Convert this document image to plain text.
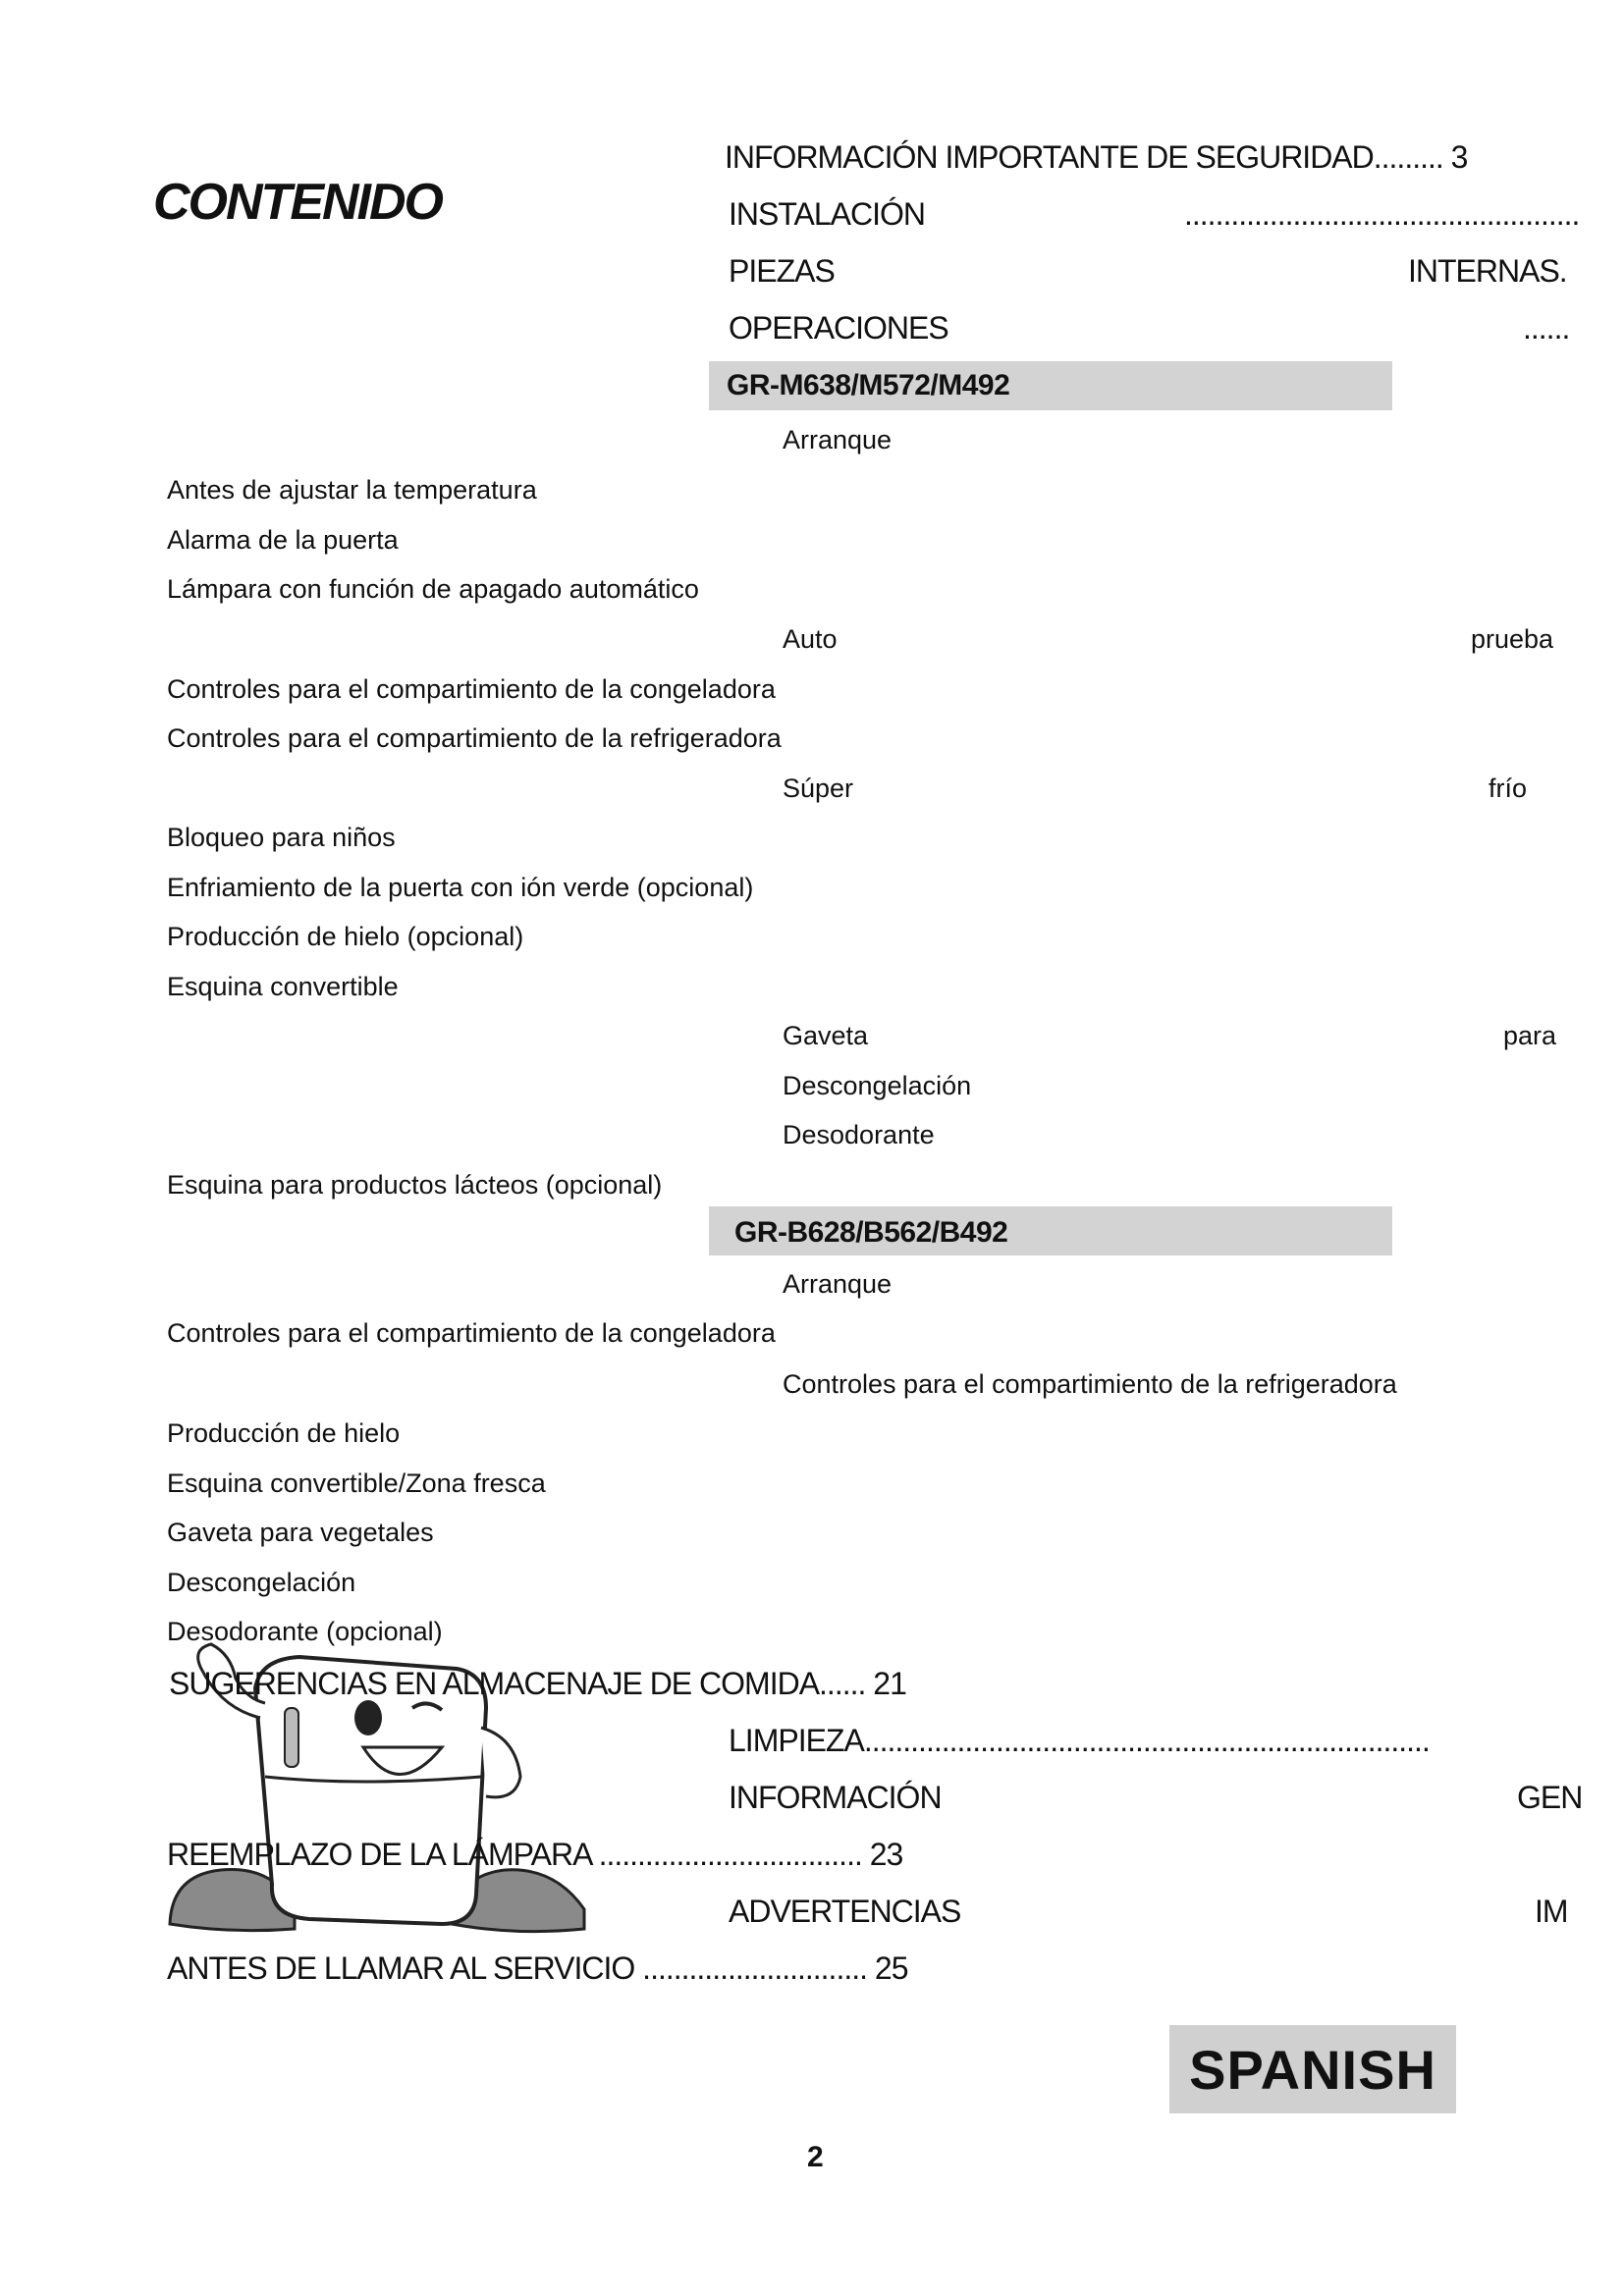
CONTENIDO
INFORMACIÓN IMPORTANTE DE SEGURIDAD......... 3
INSTALACIÓN	...................................................
PIEZAS	INTERNAS.
OPERACIONES	......
GR-M638/M572/M492
Arranque
Antes de ajustar la temperatura
Alarma de la puerta
Lámpara con función de apagado automático
Auto	prueba
Controles para el compartimiento de la congeladora
Controles para el compartimiento de la refrigeradora
Súper	frío
Bloqueo para niños
Enfriamiento de la puerta con ión verde (opcional)
Producción de hielo (opcional)
Esquina convertible
Gaveta	para
Descongelación
Desodorante
Esquina para productos lácteos (opcional)
GR-B628/B562/B492
Arranque
Controles para el compartimiento de la congeladora
Controles para el compartimiento de la refrigeradora
Producción de hielo
Esquina convertible/Zona fresca
Gaveta para vegetales
Descongelación
Desodorante (opcional)
SUGERENCIAS EN ALMACENAJE DE COMIDA...... 21
LIMPIEZA.........................................................................
INFORMACIÓN	GEN
REEMPLAZO DE LA LÁMPARA .................................. 23
ADVERTENCIAS	IM
ANTES DE LLAMAR AL SERVICIO ............................. 25
SPANISH
2
